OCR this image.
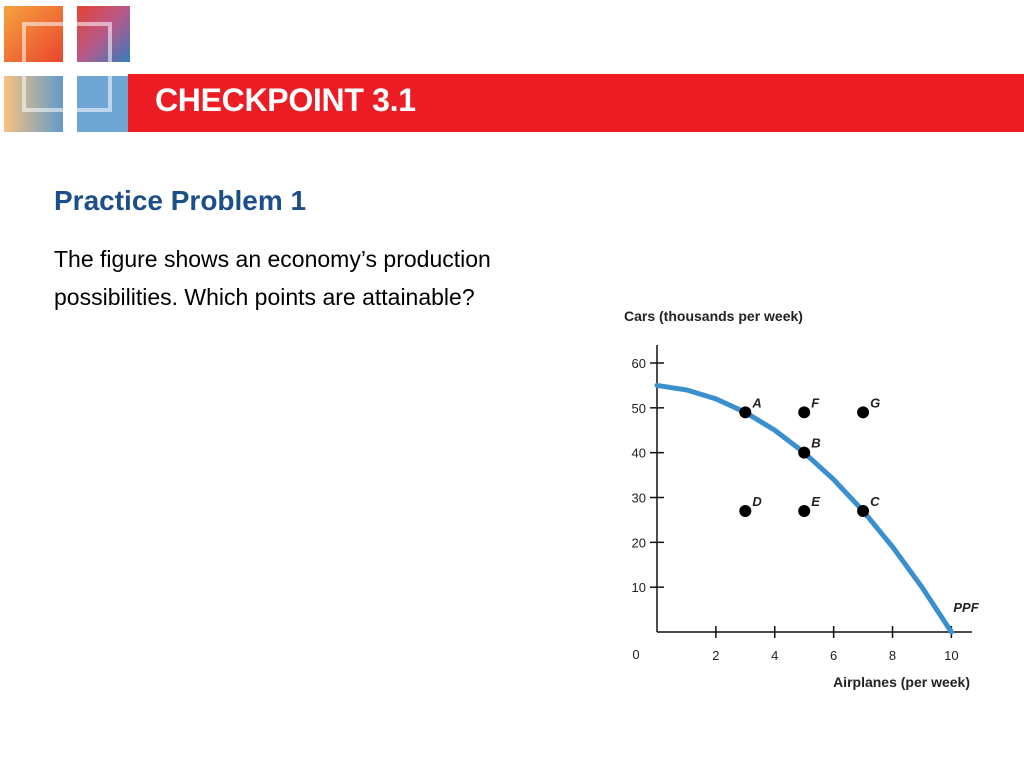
CHECKPOINT 3.1
Practice Problem 1
The figure shows an economy’s production possibilities. Which points are attainable?
Cars (thousands per week)
Airplanes (per week)
0	2	4	6	8	10
10
20
30
40
50
60
PPF
A	F	G
B
D	E	C
